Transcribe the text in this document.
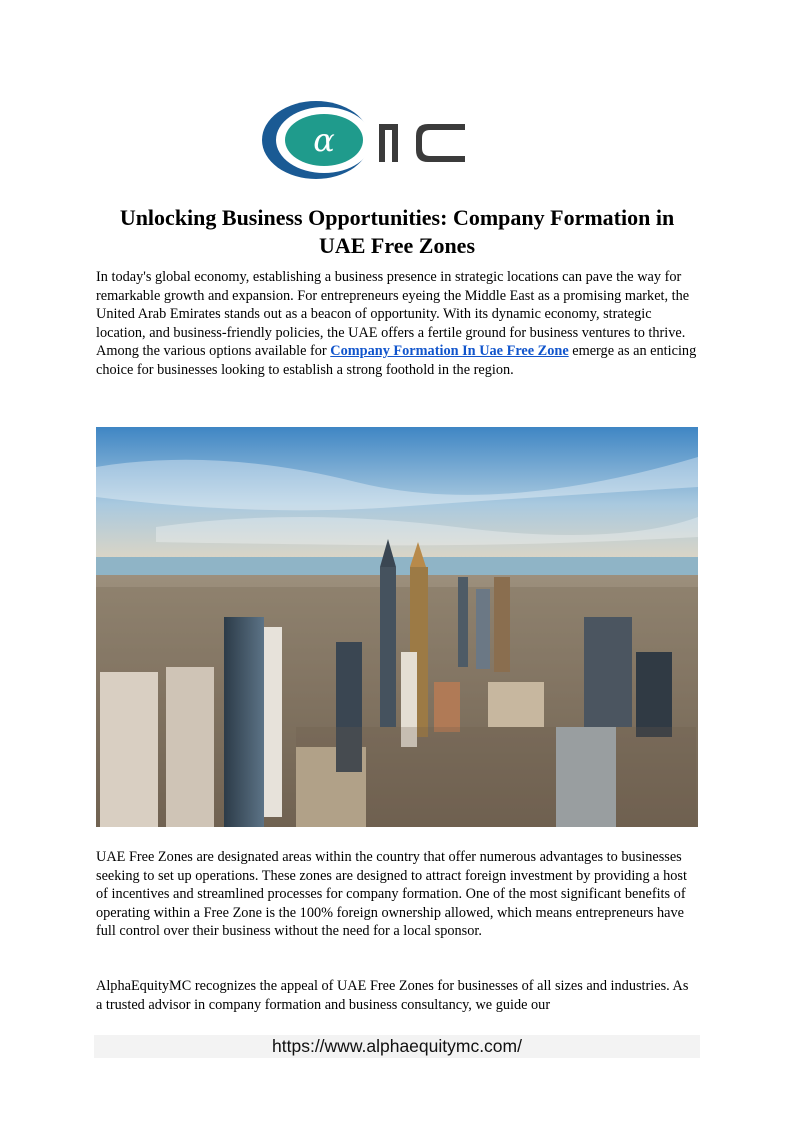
α
Unlocking Business Opportunities: Company Formation in UAE Free Zones

In today's global economy, establishing a business presence in strategic locations can pave the way for remarkable growth and expansion. For entrepreneurs eyeing the Middle East as a promising market, the United Arab Emirates stands out as a beacon of opportunity. With its dynamic economy, strategic location, and business-friendly policies, the UAE offers a fertile ground for business ventures to thrive. Among the various options available for Company Formation In Uae Free Zone emerge as an enticing choice for businesses looking to establish a strong foothold in the region.

UAE Free Zones are designated areas within the country that offer numerous advantages to businesses seeking to set up operations. These zones are designed to attract foreign investment by providing a host of incentives and streamlined processes for company formation. One of the most significant benefits of operating within a Free Zone is the 100% foreign ownership allowed, which means entrepreneurs have full control over their business without the need for a local sponsor.

AlphaEquityMC recognizes the appeal of UAE Free Zones for businesses of all sizes and industries. As a trusted advisor in company formation and business consultancy, we guide our

https://www.alphaequitymc.com/
